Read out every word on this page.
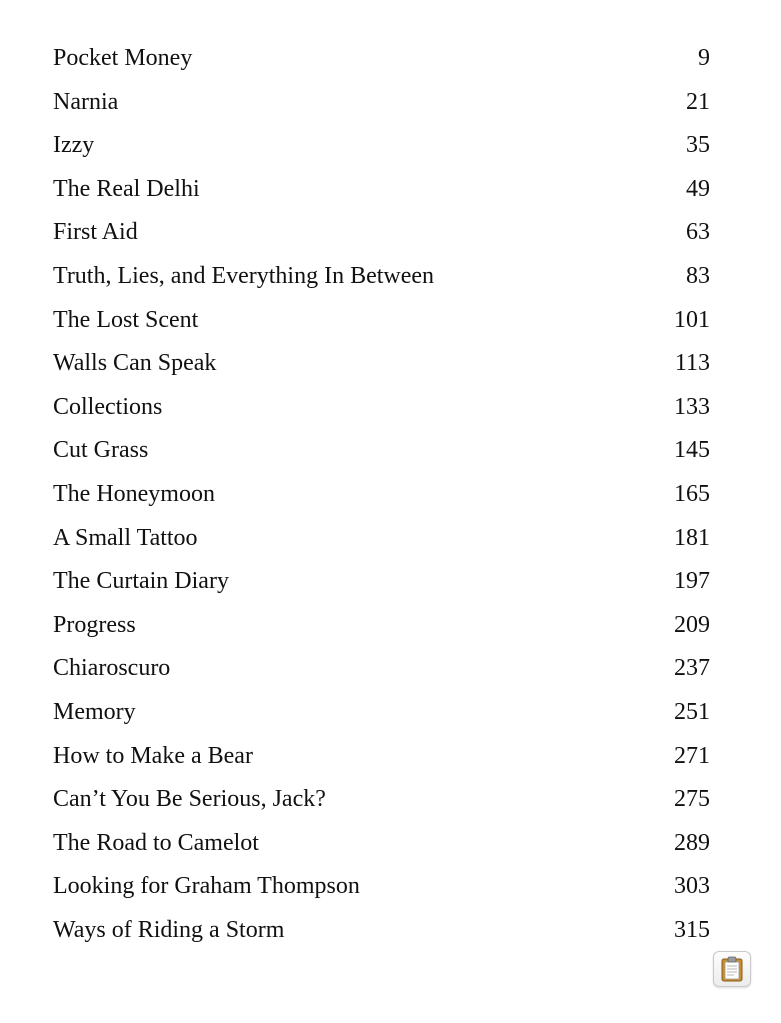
Pocket Money	9
Narnia	21
Izzy	35
The Real Delhi	49
First Aid	63
Truth, Lies, and Everything In Between	83
The Lost Scent	101
Walls Can Speak	113
Collections	133
Cut Grass	145
The Honeymoon	165
A Small Tattoo	181
The Curtain Diary	197
Progress	209
Chiaroscuro	237
Memory	251
How to Make a Bear	271
Can’t You Be Serious, Jack?	275
The Road to Camelot	289
Looking for Graham Thompson	303
Ways of Riding a Storm	315
